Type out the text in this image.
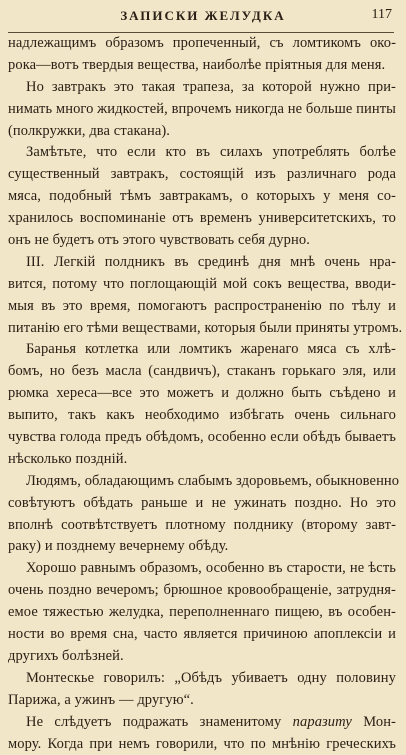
ЗАПИСКИ ЖЕЛУДКА	117
надлежащимъ образомъ пропеченный, съ ломтикомъ око-
рока—вотъ твердыя вещества, наиболѣе пріятныя для меня.
Но завтракъ это такая трапеза, за которой нужно при-
нимать много жидкостей, впрочемъ никогда не больше пинты
(полкружки, два стакана).
Замѣтьте, что если кто въ силахъ употреблять болѣе
существенный завтракъ, состоящій изъ различнаго рода
мяса, подобный тѣмъ завтракамъ, о которыхъ у меня со-
хранилось воспоминаніе отъ временъ университетскихъ, то
онъ не будетъ отъ этого чувствовать себя дурно.
III. Легкій полдникъ въ срединѣ дня мнѣ очень нра-
вится, потому что поглощающій мой сокъ вещества, вводи-
мыя въ это время, помогаютъ распространенію по тѣлу и
питанію его тѣми веществами, которыя были приняты утромъ.
Баранья котлетка или ломтикъ жаренаго мяса съ хлѣ-
бомъ, но безъ масла (сандвичъ), стаканъ горькаго эля, или
рюмка хереса—все это можетъ и должно быть съѣдено и
выпито, такъ какъ необходимо избѣгать очень сильнаго
чувства голода предъ обѣдомъ, особенно если обѣдъ бываетъ
нѣсколько поздній.
Людямъ, обладающимъ слабымъ здоровьемъ, обыкновенно
совѣтуютъ обѣдать раньше и не ужинать поздно. Но это
вполнѣ соотвѣтствуетъ плотному полднику (второму завт-
раку) и позднему вечернему обѣду.
Хорошо равнымъ образомъ, особенно въ старости, не ѣсть
очень поздно вечеромъ; брюшное кровообращеніе, затрудня-
емое тяжестью желудка, переполненнаго пищею, въ особен-
ности во время сна, часто является причиною апоплексіи и
другихъ болѣзней.
Монтескье говорилъ: „Обѣдъ убиваетъ одну половину
Парижа, а ужинъ — другую“.
Не слѣдуетъ подражать знаменитому паразиту Мон-
мору. Когда при немъ говорили, что по мнѣнію греческихъ
